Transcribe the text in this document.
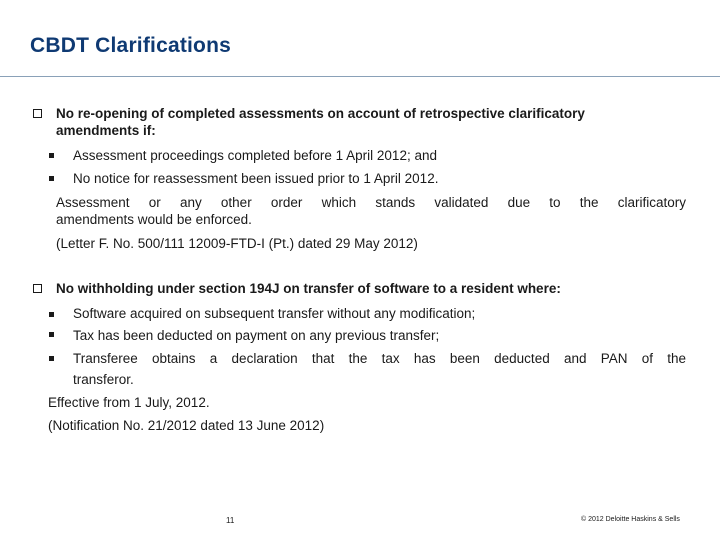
CBDT Clarifications
No re-opening of completed assessments on account of retrospective clarificatory
amendments if:
Assessment proceedings completed before 1 April 2012; and
No notice for reassessment been issued prior to 1 April 2012.
Assessment or any other order which stands validated due to the clarificatory
amendments would be enforced.
(Letter F. No. 500/111 12009-FTD-I (Pt.) dated 29 May 2012)
No withholding under section 194J on transfer of software to a resident where:
Software acquired on subsequent transfer without any modification;
Tax has been deducted on payment on any previous transfer;
Transferee obtains a declaration that the tax has been deducted and PAN of the
transferor.
Effective from 1 July, 2012.
(Notification No. 21/2012 dated 13 June 2012)
11	© 2012 Deloitte Haskins & Sells
